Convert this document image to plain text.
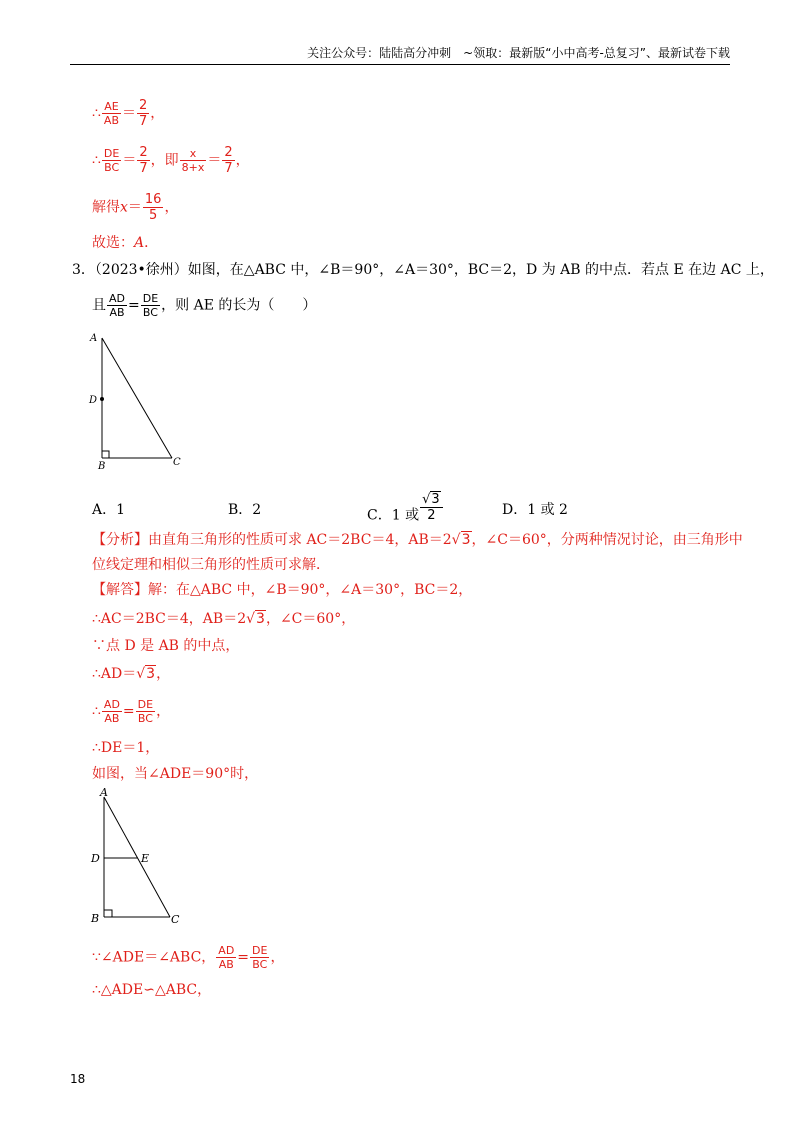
关注公众号：陆陆高分冲刺　~领取：最新版“小中高考-总复习”、最新试卷下载
∴ $\frac{AE}{AB} = \frac{2}{7}$ ，
∴ $\frac{DE}{BC} = \frac{2}{7}$ ，即 $\frac{x}{8+x} = \frac{2}{7}$ ，
解得$x= \frac{16}{5}$ ，
故选：A．
3．（2023•徐州）如图，在△ABC 中，∠B＝90°，∠A＝30°，BC＝2，D 为 AB 的中点．若点 E 在边 AC 上，
且 $\frac{AD}{AB} = \frac{DE}{BC}$ ，则 AE 的长为（　　）
A
D
B	C
A．1	B．2	C．1 或 $\frac{√3}{2}$	D．1 或 2
【分析】由直角三角形的性质可求 AC＝2BC＝4，AB＝2√3，∠C＝60°，分两种情况讨论，由三角形中
位线定理和相似三角形的性质可求解．
【解答】解：在△ABC 中，∠B＝90°，∠A＝30°，BC＝2，
∴AC＝2BC＝4，AB＝2√3，∠C＝60°，
∵点 D 是 AB 的中点，
∴AD＝√3，
∴ $\frac{AD}{AB} = \frac{DE}{BC}$ ，
∴DE＝1，
如图，当∠ADE＝90°时，
A
D	E
B	C
∵∠ADE＝∠ABC， $\frac{AD}{AB} = \frac{DE}{BC}$ ，
∴△ADE∽△ABC，
18
